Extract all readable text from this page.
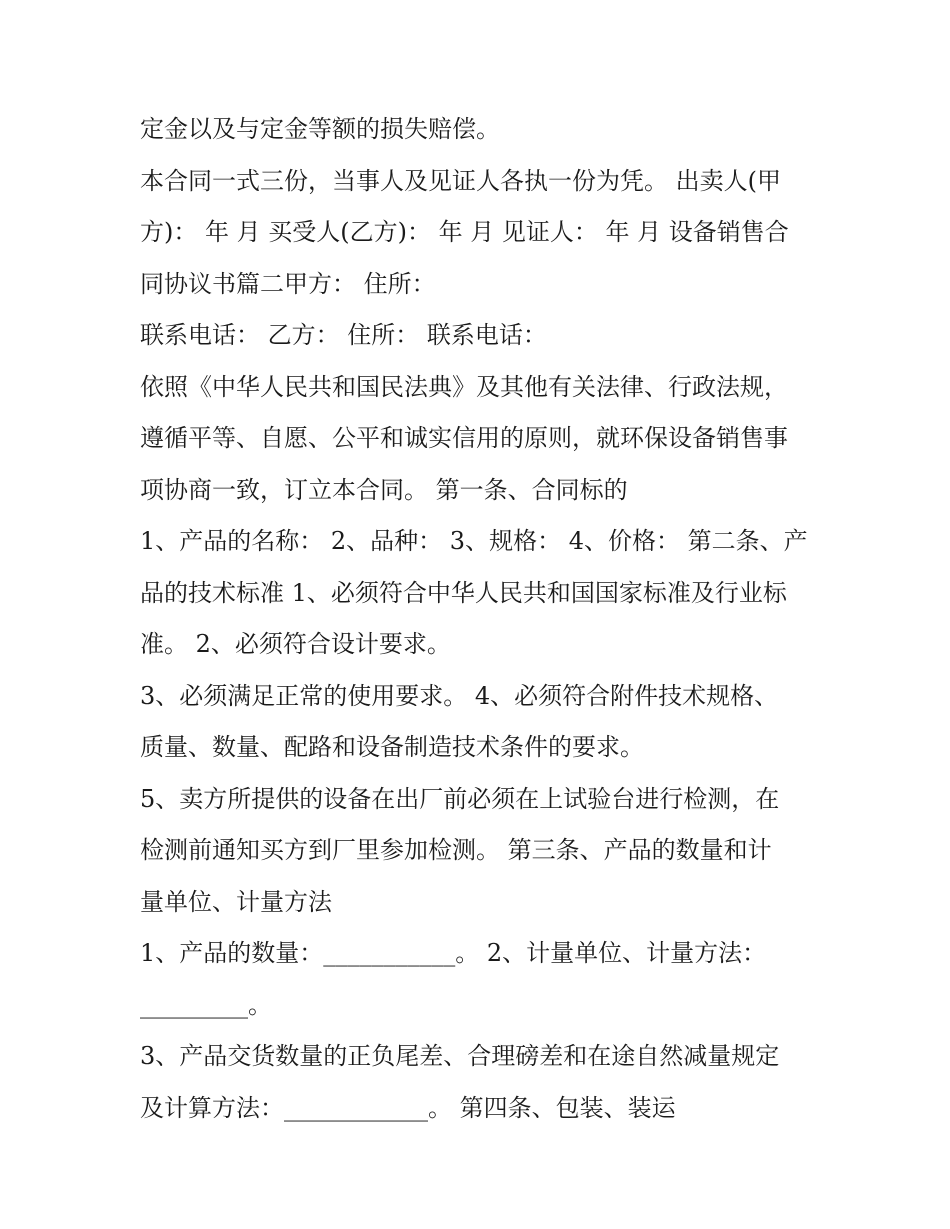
定金以及与定金等额的损失赔偿。
本合同一式三份，当事人及见证人各执一份为凭。 出卖人(甲
方)： 年 月 买受人(乙方)： 年 月 见证人： 年 月 设备销售合
同协议书篇二甲方： 住所：
联系电话： 乙方： 住所： 联系电话：
依照《中华人民共和国民法典》及其他有关法律、行政法规，
遵循平等、自愿、公平和诚实信用的原则，就环保设备销售事
项协商一致，订立本合同。 第一条、合同标的
1、产品的名称： 2、品种： 3、规格： 4、价格： 第二条、产
品的技术标准 1、必须符合中华人民共和国国家标准及行业标
准。 2、必须符合设计要求。
3、必须满足正常的使用要求。 4、必须符合附件技术规格、
质量、数量、配路和设备制造技术条件的要求。
5、卖方所提供的设备在出厂前必须在上试验台进行检测，在
检测前通知买方到厂里参加检测。 第三条、产品的数量和计
量单位、计量方法
1、产品的数量：___________。 2、计量单位、计量方法：
_________。
3、产品交货数量的正负尾差、合理磅差和在途自然减量规定
及计算方法：____________。 第四条、包装、装运
